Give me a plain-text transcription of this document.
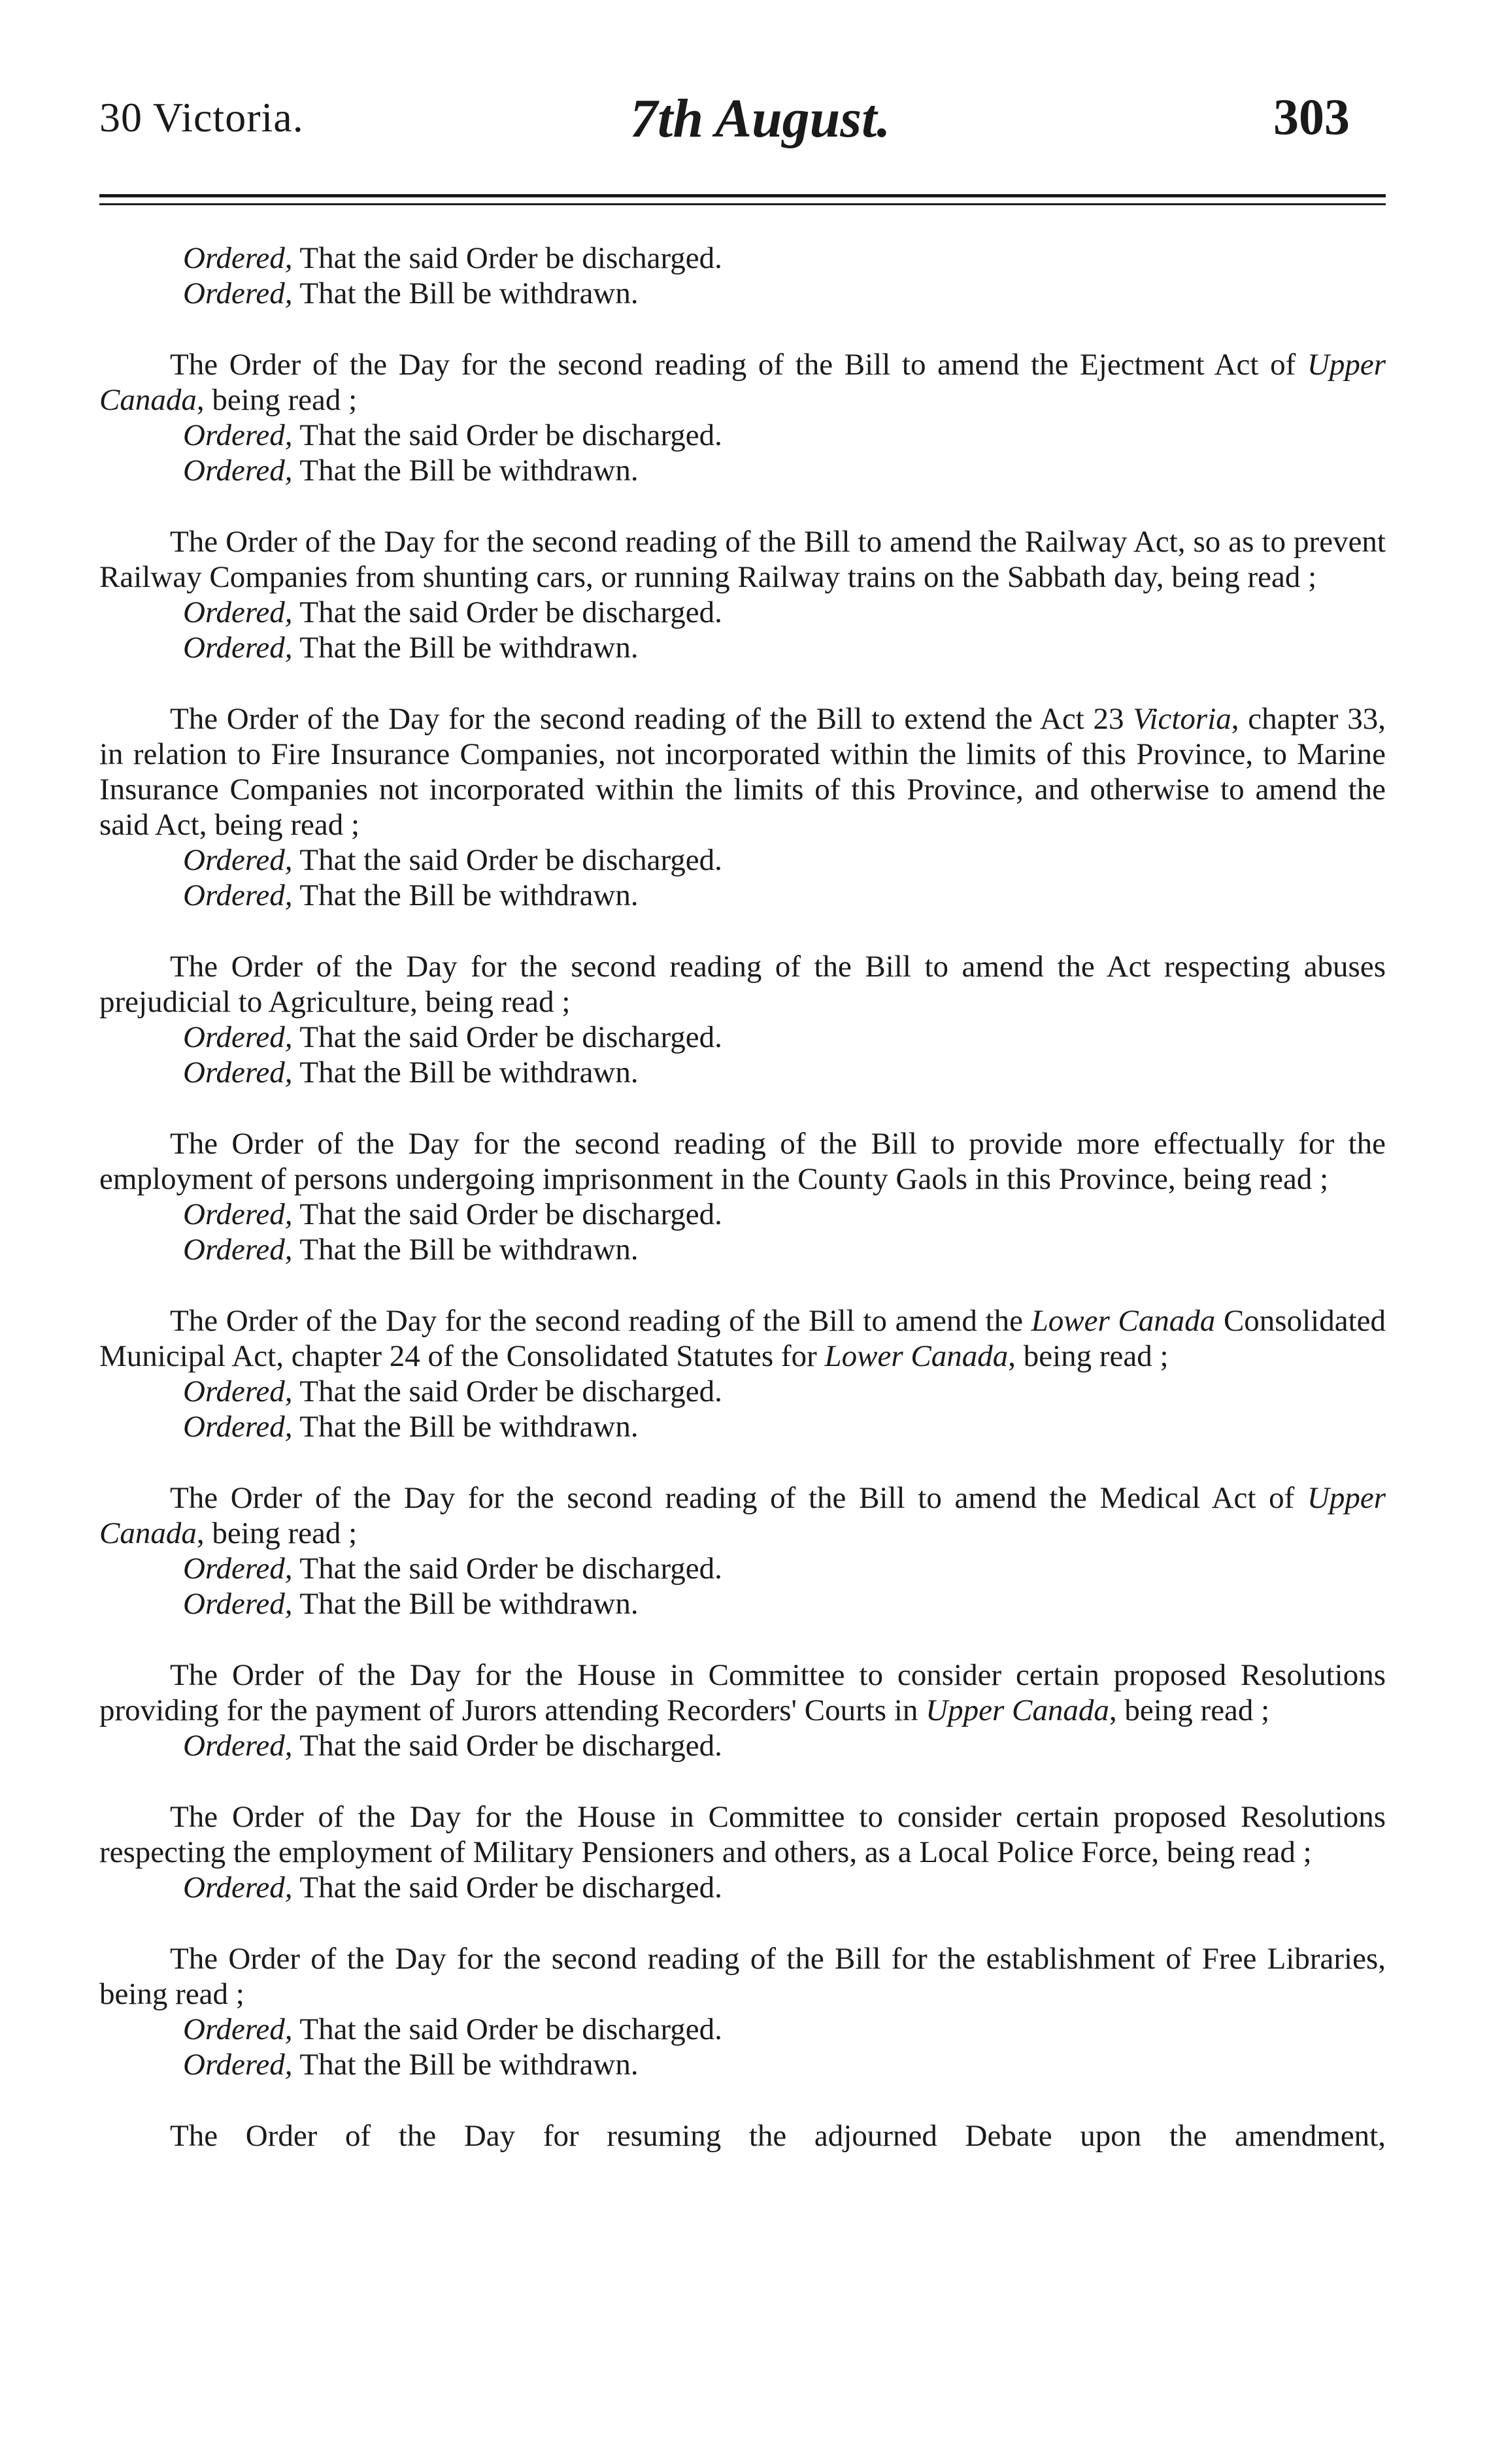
30 Victoria.	7th August.	303
Ordered, That the said Order be discharged.
Ordered, That the Bill be withdrawn.

The Order of the Day for the second reading of the Bill to amend the Ejectment Act of Upper Canada, being read ;

Ordered, That the said Order be discharged.
Ordered, That the Bill be withdrawn.

The Order of the Day for the second reading of the Bill to amend the Railway Act, so as to prevent Railway Companies from shunting cars, or running Railway trains on the Sabbath day, being read ;

Ordered, That the said Order be discharged.
Ordered, That the Bill be withdrawn.

The Order of the Day for the second reading of the Bill to extend the Act 23 Victoria, chapter 33, in relation to Fire Insurance Companies, not incorporated within the limits of this Province, to Marine Insurance Companies not incorporated within the limits of this Province, and otherwise to amend the said Act, being read ;

Ordered, That the said Order be discharged.
Ordered, That the Bill be withdrawn.

The Order of the Day for the second reading of the Bill to amend the Act respecting abuses prejudicial to Agriculture, being read ;

Ordered, That the said Order be discharged.
Ordered, That the Bill be withdrawn.

The Order of the Day for the second reading of the Bill to provide more effectually for the employment of persons undergoing imprisonment in the County Gaols in this Province, being read ;

Ordered, That the said Order be discharged.
Ordered, That the Bill be withdrawn.

The Order of the Day for the second reading of the Bill to amend the Lower Canada Consolidated Municipal Act, chapter 24 of the Consolidated Statutes for Lower Canada, being read ;

Ordered, That the said Order be discharged.
Ordered, That the Bill be withdrawn.

The Order of the Day for the second reading of the Bill to amend the Medical Act of Upper Canada, being read ;

Ordered, That the said Order be discharged.
Ordered, That the Bill be withdrawn.

The Order of the Day for the House in Committee to consider certain proposed Resolutions providing for the payment of Jurors attending Recorders' Courts in Upper Canada, being read ;

Ordered, That the said Order be discharged.

The Order of the Day for the House in Committee to consider certain proposed Resolutions respecting the employment of Military Pensioners and others, as a Local Police Force, being read ;

Ordered, That the said Order be discharged.

The Order of the Day for the second reading of the Bill for the establishment of Free Libraries, being read ;

Ordered, That the said Order be discharged.
Ordered, That the Bill be withdrawn.

The Order of the Day for resuming the adjourned Debate upon the amendment,
